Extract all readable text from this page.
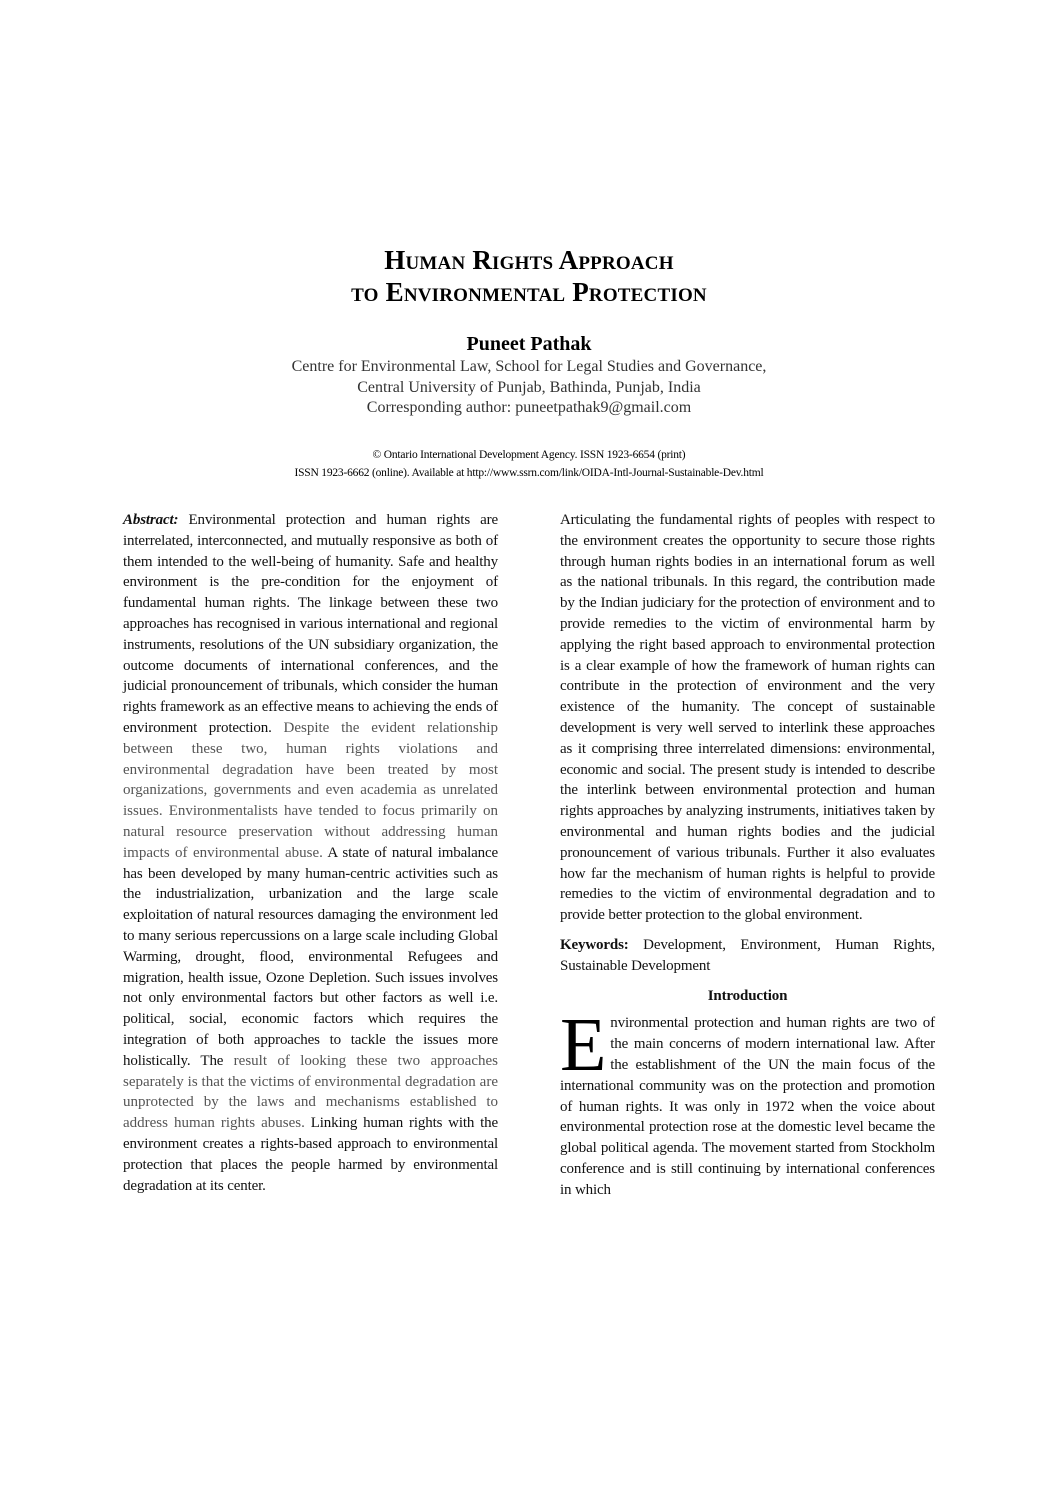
Human Rights Approach
to Environmental Protection
Puneet Pathak
Centre for Environmental Law, School for Legal Studies and Governance,
Central University of Punjab, Bathinda, Punjab, India
Corresponding author: puneetpathak9@gmail.com
© Ontario International Development Agency. ISSN 1923-6654 (print)
ISSN 1923-6662 (online). Available at http://www.ssrn.com/link/OIDA-Intl-Journal-Sustainable-Dev.html

Abstract: Environmental protection and human rights are interrelated, interconnected, and mutually responsive as both of them intended to the well-being of humanity. Safe and healthy environment is the pre-condition for the enjoyment of fundamental human rights. The linkage between these two approaches has recognised in various international and regional instruments, resolutions of the UN subsidiary organization, the outcome documents of international conferences, and the judicial pronouncement of tribunals, which consider the human rights framework as an effective means to achieving the ends of environment protection. Despite the evident relationship between these two, human rights violations and environmental degradation have been treated by most organizations, governments and even academia as unrelated issues. Environmentalists have tended to focus primarily on natural resource preservation without addressing human impacts of environmental abuse. A state of natural imbalance has been developed by many human-centric activities such as the industrialization, urbanization and the large scale exploitation of natural resources damaging the environment led to many serious repercussions on a large scale including Global Warming, drought, flood, environmental Refugees and migration, health issue, Ozone Depletion. Such issues involves not only environmental factors but other factors as well i.e. political, social, economic factors which requires the integration of both approaches to tackle the issues more holistically. The result of looking these two approaches separately is that the victims of environmental degradation are unprotected by the laws and mechanisms established to address human rights abuses. Linking human rights with the environment creates a rights-based approach to environmental protection that places the people harmed by environmental degradation at its center.

Articulating the fundamental rights of peoples with respect to the environment creates the opportunity to secure those rights through human rights bodies in an international forum as well as the national tribunals. In this regard, the contribution made by the Indian judiciary for the protection of environment and to provide remedies to the victim of environmental harm by applying the right based approach to environmental protection is a clear example of how the framework of human rights can contribute in the protection of environment and the very existence of the humanity. The concept of sustainable development is very well served to interlink these approaches as it comprising three interrelated dimensions: environmental, economic and social. The present study is intended to describe the interlink between environmental protection and human rights approaches by analyzing instruments, initiatives taken by environmental and human rights bodies and the judicial pronouncement of various tribunals. Further it also evaluates how far the mechanism of human rights is helpful to provide remedies to the victim of environmental degradation and to provide better protection to the global environment.

Keywords: Development, Environment, Human Rights, Sustainable Development

Introduction

Environmental protection and human rights are two of the main concerns of modern international law. After the establishment of the UN the main focus of the international community was on the protection and promotion of human rights. It was only in 1972 when the voice about environmental protection rose at the domestic level became the global political agenda. The movement started from Stockholm conference and is still continuing by international conferences in which
